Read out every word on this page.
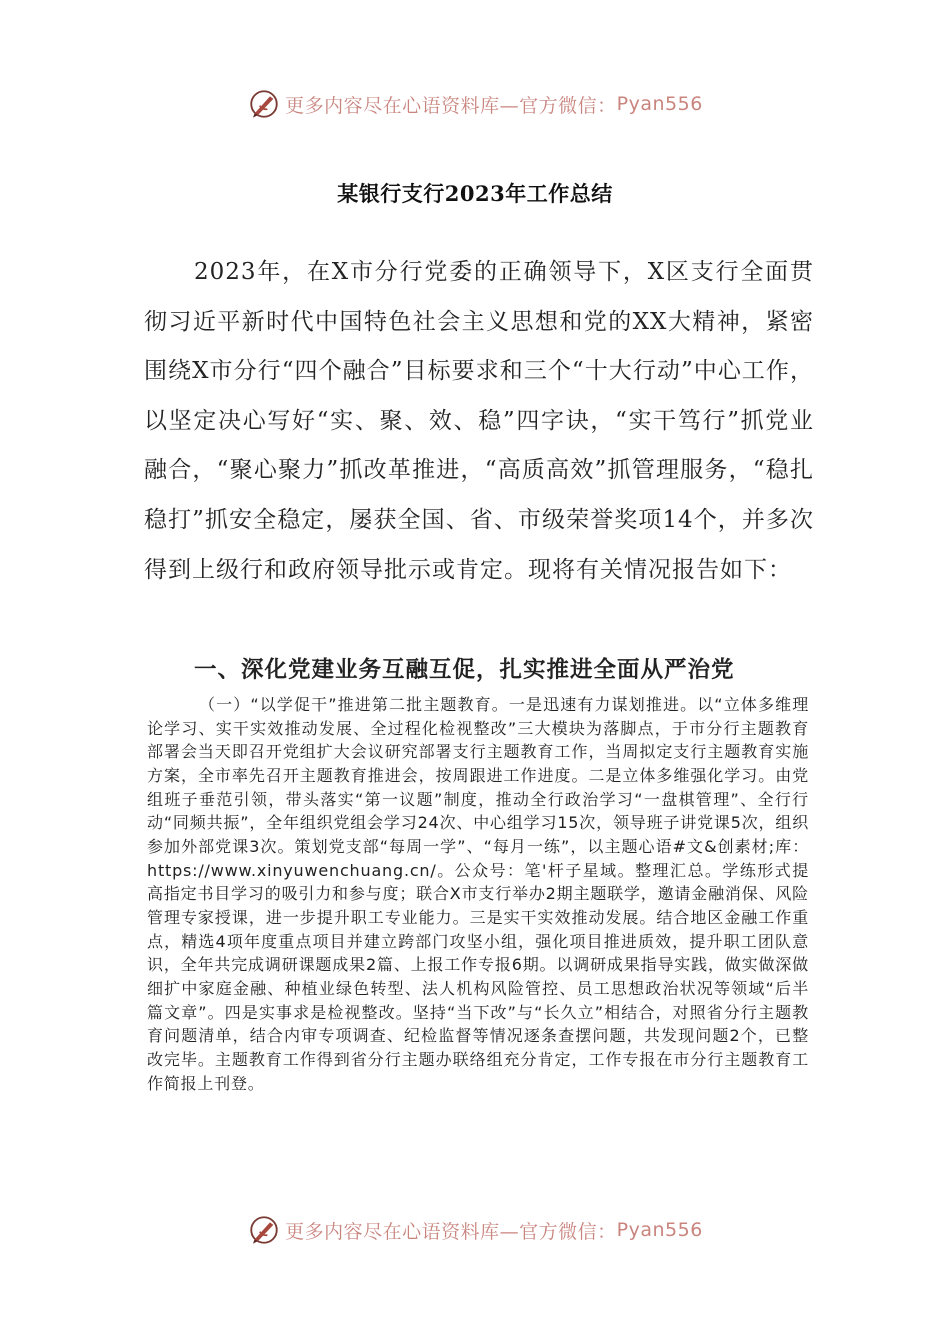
更多内容尽在心语资料库—官方微信： Pyan556
某银行支行2023年工作总结

2023年，在X市分行党委的正确领导下，X区支行全面贯彻习近平新时代中国特色社会主义思想和党的XX大精神，紧密围绕X市分行“四个融合”目标要求和三个“十大行动”中心工作，以坚定决心写好“实、聚、效、稳”四字诀，“实干笃行”抓党业融合，“聚心聚力”抓改革推进，“高质高效”抓管理服务，“稳扎稳打”抓安全稳定，屡获全国、省、市级荣誉奖项14个，并多次得到上级行和政府领导批示或肯定。现将有关情况报告如下：

一、深化党建业务互融互促，扎实推进全面从严治党

（一）“以学促干”推进第二批主题教育。一是迅速有力谋划推进。以“立体多维理论学习、实干实效推动发展、全过程化检视整改”三大模块为落脚点，于市分行主题教育部署会当天即召开党组扩大会议研究部署支行主题教育工作，当周拟定支行主题教育实施方案，全市率先召开主题教育推进会，按周跟进工作进度。二是立体多维强化学习。由党组班子垂范引领，带头落实“第一议题”制度，推动全行政治学习“一盘棋管理”、全行行动“同频共振”，全年组织党组会学习24次、中心组学习15次，领导班子讲党课5次，组织参加外部党课3次。策划党支部“每周一学”、“每月一练”，以主题心语#文&创素材;库：https://www.xinyuwenchuang.cn/。公众号：笔'杆子星域。整理汇总。学练形式提高指定书目学习的吸引力和参与度；联合X市支行举办2期主题联学，邀请金融消保、风险管理专家授课，进一步提升职工专业能力。三是实干实效推动发展。结合地区金融工作重点，精选4项年度重点项目并建立跨部门攻坚小组，强化项目推进质效，提升职工团队意识，全年共完成调研课题成果2篇、上报工作专报6期。以调研成果指导实践，做实做深做细扩中家庭金融、种植业绿色转型、法人机构风险管控、员工思想政治状况等领域“后半篇文章”。四是实事求是检视整改。坚持“当下改”与“长久立”相结合，对照省分行主题教育问题清单，结合内审专项调查、纪检监督等情况逐条查摆问题，共发现问题2个，已整改完毕。主题教育工作得到省分行主题办联络组充分肯定，工作专报在市分行主题教育工作简报上刊登。

更多内容尽在心语资料库—官方微信： Pyan556
